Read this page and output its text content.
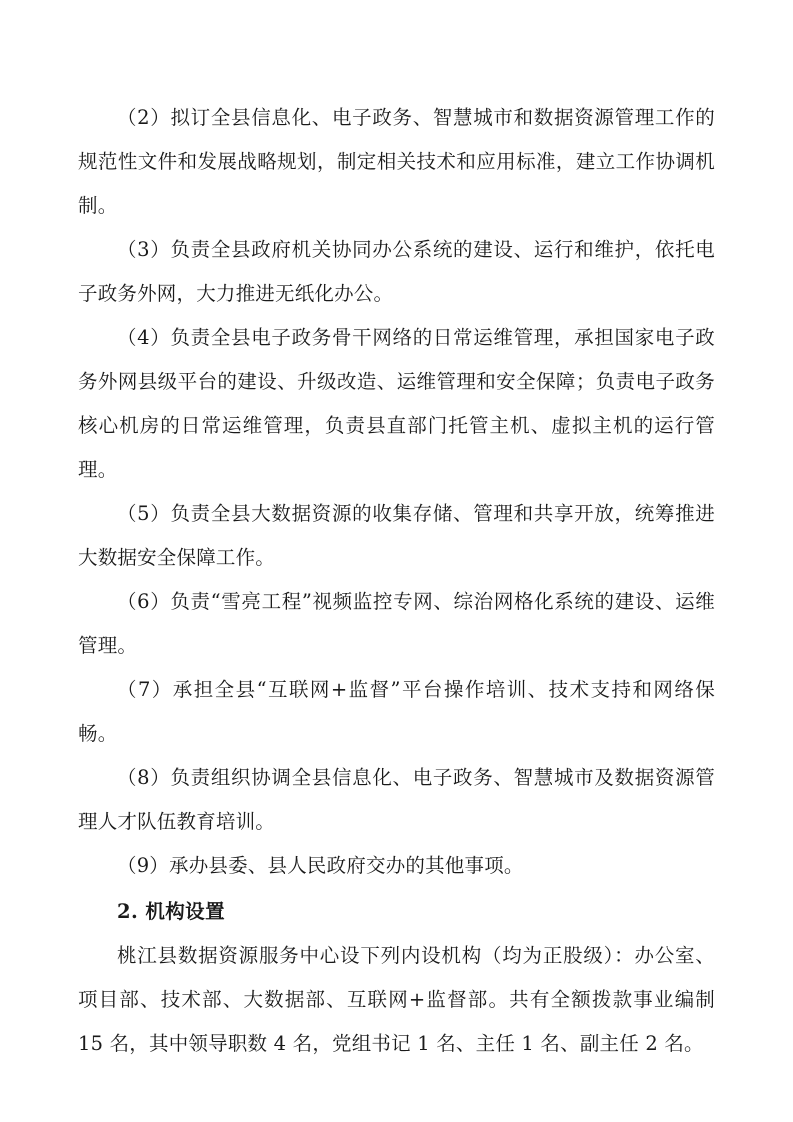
（2）拟订全县信息化、电子政务、智慧城市和数据资源管理工作的规范性文件和发展战略规划，制定相关技术和应用标准，建立工作协调机制。

（3）负责全县政府机关协同办公系统的建设、运行和维护，依托电子政务外网，大力推进无纸化办公。

（4）负责全县电子政务骨干网络的日常运维管理，承担国家电子政务外网县级平台的建设、升级改造、运维管理和安全保障；负责电子政务核心机房的日常运维管理，负责县直部门托管主机、虚拟主机的运行管理。

（5）负责全县大数据资源的收集存储、管理和共享开放，统筹推进大数据安全保障工作。

（6）负责“雪亮工程”视频监控专网、综治网格化系统的建设、运维管理。

（7）承担全县“互联网+监督”平台操作培训、技术支持和网络保畅。

（8）负责组织协调全县信息化、电子政务、智慧城市及数据资源管理人才队伍教育培训。

（9）承办县委、县人民政府交办的其他事项。

2. 机构设置

桃江县数据资源服务中心设下列内设机构（均为正股级）：办公室、项目部、技术部、大数据部、互联网+监督部。共有全额拨款事业编制 15 名，其中领导职数 4 名，党组书记 1 名、主任 1 名、副主任 2 名。
